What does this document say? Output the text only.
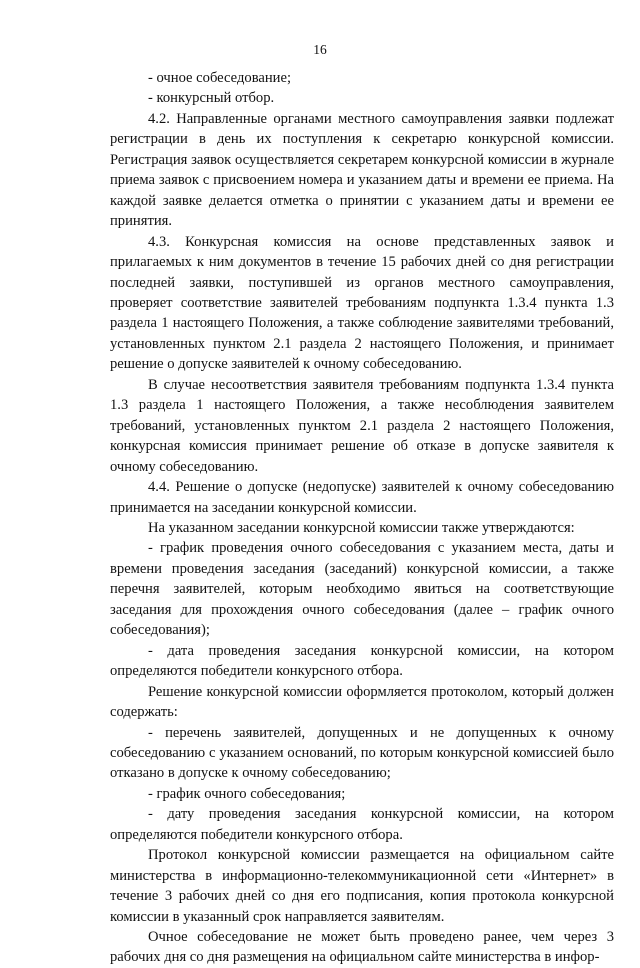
16

- очное собеседование;

- конкурсный отбор.

4.2. Направленные органами местного самоуправления заявки подлежат регистрации в день их поступления к секретарю конкурсной комиссии. Регистрация заявок осуществляется секретарем конкурсной комиссии в журнале приема заявок с присвоением номера и указанием даты и времени ее приема. На каждой заявке делается отметка о принятии с указанием даты и времени ее принятия.

4.3. Конкурсная комиссия на основе представленных заявок и прилагаемых к ним документов в течение 15 рабочих дней со дня регистрации последней заявки, поступившей из органов местного самоуправления, проверяет соответствие заявителей требованиям подпункта 1.3.4 пункта 1.3 раздела 1 настоящего Положения, а также соблюдение заявителями требований, установленных пунктом 2.1 раздела 2 настоящего Положения, и принимает решение о допуске заявителей к очному собеседованию.

В случае несоответствия заявителя требованиям подпункта 1.3.4 пункта 1.3 раздела 1 настоящего Положения, а также несоблюдения заявителем требований, установленных пунктом 2.1 раздела 2 настоящего Положения, конкурсная комиссия принимает решение об отказе в допуске заявителя к очному собеседованию.

4.4. Решение о допуске (недопуске) заявителей к очному собеседованию принимается на заседании конкурсной комиссии.

На указанном заседании конкурсной комиссии также утверждаются:

- график проведения очного собеседования с указанием места, даты и времени проведения заседания (заседаний) конкурсной комиссии, а также перечня заявителей, которым необходимо явиться на соответствующие заседания для прохождения очного собеседования (далее – график очного собеседования);

- дата проведения заседания конкурсной комиссии, на котором определяются победители конкурсного отбора.

Решение конкурсной комиссии оформляется протоколом, который должен содержать:

- перечень заявителей, допущенных и не допущенных к очному собеседованию с указанием оснований, по которым конкурсной комиссией было отказано в допуске к очному собеседованию;

- график очного собеседования;

- дату проведения заседания конкурсной комиссии, на котором определяются победители конкурсного отбора.

Протокол конкурсной комиссии размещается на официальном сайте министерства в информационно-телекоммуникационной сети «Интернет» в течение 3 рабочих дней со дня его подписания, копия протокола конкурсной комиссии в указанный срок направляется заявителям.

Очное собеседование не может быть проведено ранее, чем через 3 рабочих дня со дня размещения на официальном сайте министерства в инфор-
